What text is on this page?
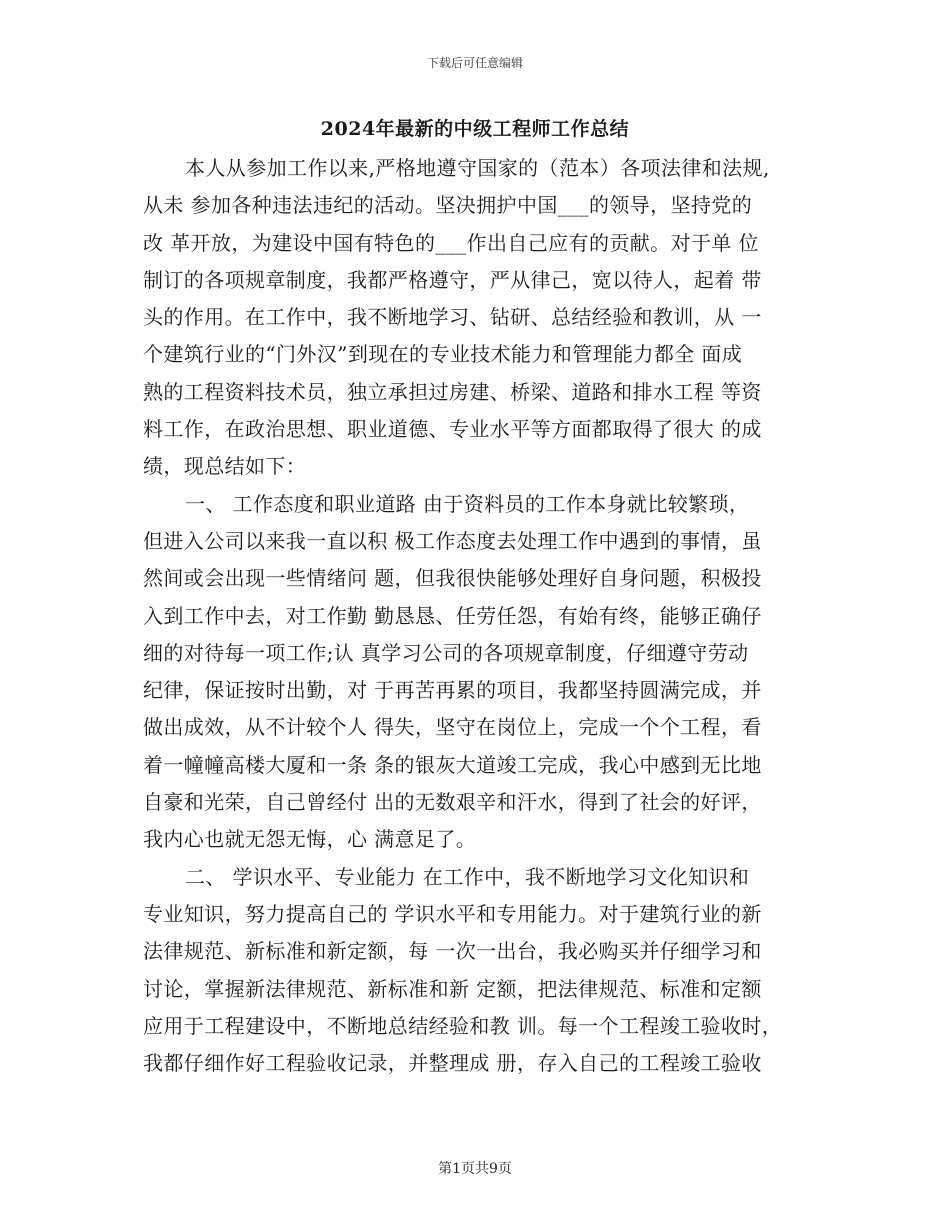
下载后可任意编辑
2024年最新的中级工程师工作总结
本人从参加工作以来,严格地遵守国家的（范本）各项法律和法规,
从未 参加各种违法违纪的活动。坚决拥护中国___的领导，坚持党的
改 革开放，为建设中国有特色的___作出自己应有的贡献。对于单 位
制订的各项规章制度，我都严格遵守，严从律己，宽以待人，起着 带
头的作用。在工作中，我不断地学习、钻研、总结经验和教训，从 一
个建筑行业的“门外汉”到现在的专业技术能力和管理能力都全 面成
熟的工程资料技术员，独立承担过房建、桥梁、道路和排水工程 等资
料工作，在政治思想、职业道德、专业水平等方面都取得了很大 的成
绩，现总结如下：
一、 工作态度和职业道路 由于资料员的工作本身就比较繁琐，
但进入公司以来我一直以积 极工作态度去处理工作中遇到的事情，虽
然间或会出现一些情绪问 题，但我很快能够处理好自身问题，积极投
入到工作中去，对工作勤 勤恳恳、任劳任怨，有始有终，能够正确仔
细的对待每一项工作;认 真学习公司的各项规章制度，仔细遵守劳动
纪律，保证按时出勤，对 于再苦再累的项目，我都坚持圆满完成，并
做出成效，从不计较个人 得失，坚守在岗位上，完成一个个工程，看
着一幢幢高楼大厦和一条 条的银灰大道竣工完成，我心中感到无比地
自豪和光荣，自己曾经付 出的无数艰辛和汗水，得到了社会的好评，
我内心也就无怨无悔，心 满意足了。
二、 学识水平、专业能力 在工作中，我不断地学习文化知识和
专业知识，努力提高自己的 学识水平和专用能力。对于建筑行业的新
法律规范、新标准和新定额，每 一次一出台，我必购买并仔细学习和
讨论，掌握新法律规范、新标准和新 定额，把法律规范、标准和定额
应用于工程建设中，不断地总结经验和教 训。每一个工程竣工验收时，
我都仔细作好工程验收记录，并整理成 册，存入自己的工程竣工验收
第1页共9页
